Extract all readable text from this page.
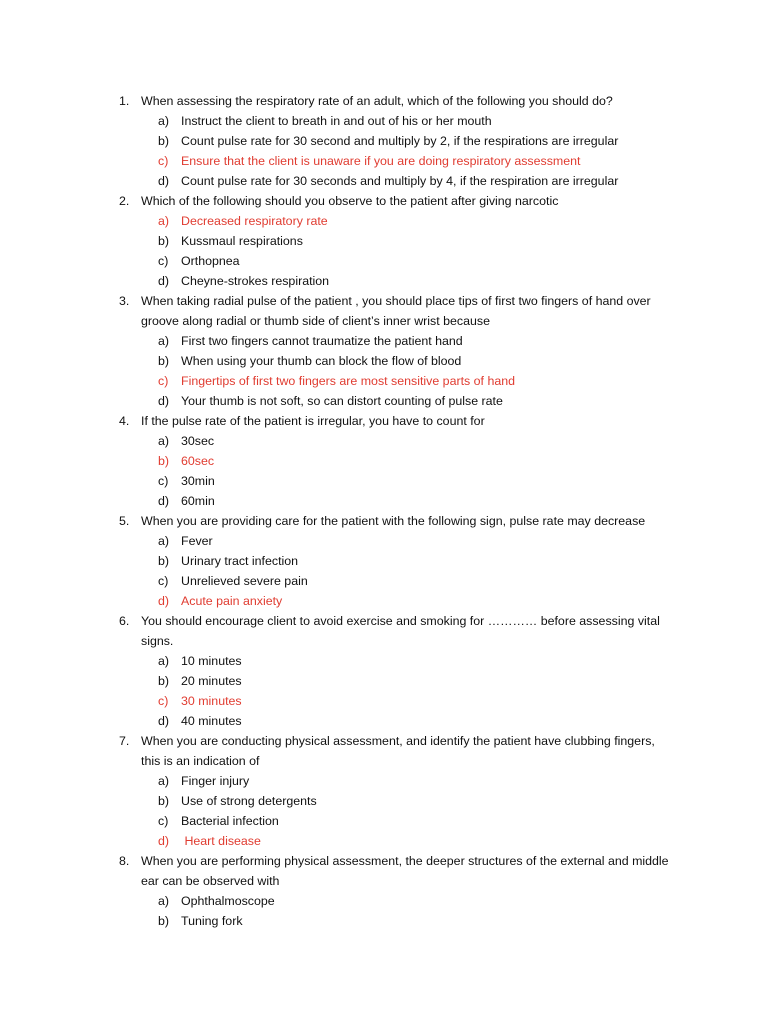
1. When assessing the respiratory rate of an adult, which of the following you should do?
a) Instruct the client to breath in and out of his or her mouth
b) Count pulse rate for 30 second and multiply by 2, if the respirations are irregular
c)	Ensure that the client is unaware if you are doing respiratory assessment
d) Count pulse rate for 30 seconds and multiply by 4, if the respiration are irregular
2. Which of the following should you observe to the patient after giving narcotic
a) Decreased respiratory rate
b) Kussmaul respirations
c)	Orthopnea
d) Cheyne-strokes respiration
3. When taking radial pulse of the patient , you should place tips of first two fingers of hand over groove along radial or thumb side of client’s inner wrist because
a) First two fingers cannot traumatize the patient hand
b) When using your thumb can block the flow of blood
c)	Fingertips of first two fingers are most sensitive parts of hand
d) Your thumb is not soft, so can distort counting of pulse rate
4. If the pulse rate of the patient is irregular, you have to count for
a) 30sec
b) 60sec
c)	30min
d) 60min
5. When you are providing care for the patient with the following sign, pulse rate may decrease
a) Fever
b) Urinary tract infection
c)	Unrelieved severe pain
d) Acute pain anxiety
6. You should encourage client to avoid exercise and smoking for ………… before assessing vital signs.
a) 10 minutes
b) 20 minutes
c)	30 minutes
d) 40 minutes
7. When you are conducting physical assessment, and identify the patient have clubbing fingers, this is an indication of
a) Finger injury
b) Use of strong detergents
c)	Bacterial infection
d) Heart disease
8. When you are performing physical assessment, the deeper structures of the external and middle ear can be observed with
a) Ophthalmoscope
b) Tuning fork
